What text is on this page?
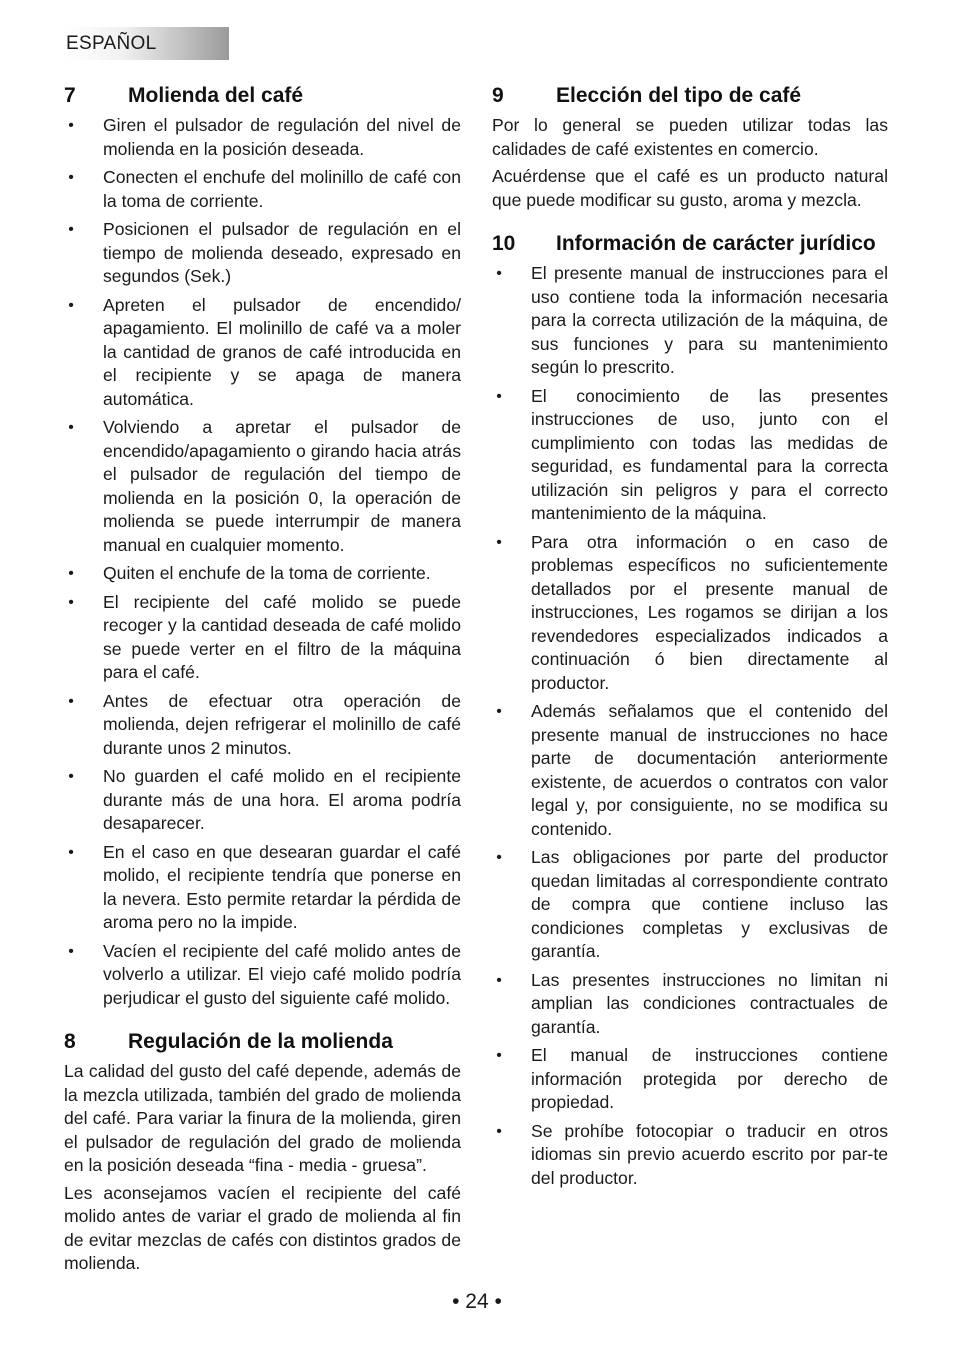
ESPAÑOL
7	Molienda del café
• Giren el pulsador de regulación del nivel de molienda en la posición deseada.
• Conecten el enchufe del molinillo de café con la toma de corriente.
• Posicionen el pulsador de regulación en el tiempo de molienda deseado, expresado en segundos (Sek.)
• Apreten el pulsador de encendido/ apagamiento. El molinillo de café va a moler la cantidad de granos de café introducida en el recipiente y se apaga de manera automática.
• Volviendo a apretar el pulsador de encendido/apagamiento o girando hacia atrás el pulsador de regulación del tiempo de molienda en la posición 0, la operación de molienda se puede interrumpir de manera manual en cualquier momento.
• Quiten el enchufe de la toma de corriente.
• El recipiente del café molido se puede recoger y la cantidad deseada de café molido se puede verter en el filtro de la máquina para el café.
• Antes de efectuar otra operación de molienda, dejen refrigerar el molinillo de café durante unos 2 minutos.
• No guarden el café molido en el recipiente durante más de una hora. El aroma podría desaparecer.
• En el caso en que desearan guardar el café molido, el recipiente tendría que ponerse en la nevera. Esto permite retardar la pérdida de aroma pero no la impide.
• Vacíen el recipiente del café molido antes de volverlo a utilizar. El viejo café molido podría perjudicar el gusto del siguiente café molido.
8	Regulación de la molienda

La calidad del gusto del café depende, además de la mezcla utilizada, también del grado de molienda del café. Para variar la finura de la molienda, giren el pulsador de regulación del grado de molienda en la posición deseada “fina - media - gruesa”.

Les aconsejamos vacíen el recipiente del café molido antes de variar el grado de molienda al fin de evitar mezclas de cafés con distintos grados de molienda.

9	Elección del tipo de café

Por lo general se pueden utilizar todas las calidades de café existentes en comercio.

Acuérdense que el café es un producto natural que puede modificar su gusto, aroma y mezcla.

10	Información de carácter jurídico
• El presente manual de instrucciones para el uso contiene toda la información necesaria para la correcta utilización de la máquina, de sus funciones y para su mantenimiento según lo prescrito.
• El conocimiento de las presentes instrucciones de uso, junto con el cumplimiento con todas las medidas de seguridad, es fundamental para la correcta utilización sin peligros y para el correcto mantenimiento de la máquina.
• Para otra información o en caso de problemas específicos no suficientemente detallados por el presente manual de instrucciones, Les rogamos se dirijan a los revendedores especializados indicados a continuación ó bien directamente al productor.
• Además señalamos que el contenido del presente manual de instrucciones no hace parte de documentación anteriormente existente, de acuerdos o contratos con valor legal y, por consiguiente, no se modifica su contenido.
• Las obligaciones por parte del productor quedan limitadas al correspondiente contrato de compra que contiene incluso las condiciones completas y exclusivas de garantía.
• Las presentes instrucciones no limitan ni amplian las condiciones contractuales de garantía.
• El manual de instrucciones contiene información protegida por derecho de propiedad.
• Se prohíbe fotocopiar o traducir en otros idiomas sin previo acuerdo escrito por par-te del productor.
• 24 •
